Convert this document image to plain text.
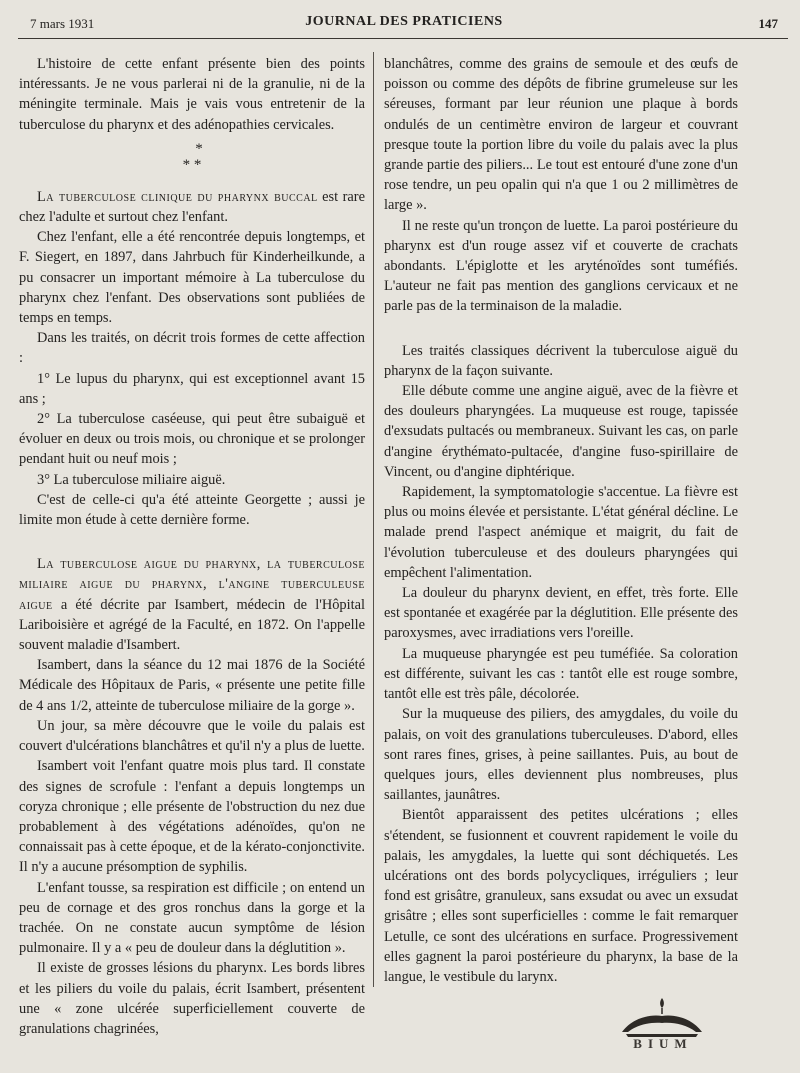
7 mars 1931	JOURNAL DES PRATICIENS	147

L'histoire de cette enfant présente bien des points intéressants. Je ne vous parlerai ni de la granulie, ni de la méningite terminale. Mais je vais vous entretenir de la tuberculose du pharynx et des adénopathies cervicales.

*
* *

La tuberculose clinique du pharynx buccal est rare chez l'adulte et surtout chez l'enfant.

Chez l'enfant, elle a été rencontrée depuis longtemps, et F. Siegert, en 1897, dans Jahrbuch für Kinderheilkunde, a pu consacrer un important mémoire à La tuberculose du pharynx chez l'enfant. Des observations sont publiées de temps en temps.

Dans les traités, on décrit trois formes de cette affection :

1° Le lupus du pharynx, qui est exceptionnel avant 15 ans ;

2° La tuberculose caséeuse, qui peut être subaiguë et évoluer en deux ou trois mois, ou chronique et se prolonger pendant huit ou neuf mois ;

3° La tuberculose miliaire aiguë.

C'est de celle-ci qu'a été atteinte Georgette ; aussi je limite mon étude à cette dernière forme.

La tuberculose aigue du pharynx, la tuberculose miliaire aigue du pharynx, l'angine tuberculeuse aigue a été décrite par Isambert, médecin de l'Hôpital Lariboisière et agrégé de la Faculté, en 1872. On l'appelle souvent maladie d'Isambert.

Isambert, dans la séance du 12 mai 1876 de la Société Médicale des Hôpitaux de Paris, « présente une petite fille de 4 ans 1/2, atteinte de tuberculose miliaire de la gorge ».

Un jour, sa mère découvre que le voile du palais est couvert d'ulcérations blanchâtres et qu'il n'y a plus de luette.

Isambert voit l'enfant quatre mois plus tard. Il constate des signes de scrofule : l'enfant a depuis longtemps un coryza chronique ; elle présente de l'obstruction du nez due probablement à des végétations adénoïdes, qu'on ne connaissait pas à cette époque, et de la kérato-conjonctivite. Il n'y a aucune présomption de syphilis.

L'enfant tousse, sa respiration est difficile ; on entend un peu de cornage et des gros ronchus dans la gorge et la trachée. On ne constate aucun symptôme de lésion pulmonaire. Il y a « peu de douleur dans la déglutition ».

Il existe de grosses lésions du pharynx. Les bords libres et les piliers du voile du palais, écrit Isambert, présentent une « zone ulcérée superficiellement couverte de granulations chagrinées,

blanchâtres, comme des grains de semoule et des œufs de poisson ou comme des dépôts de fibrine grumeleuse sur les séreuses, formant par leur réunion une plaque à bords ondulés de un centimètre environ de largeur et couvrant presque toute la portion libre du voile du palais avec la plus grande partie des piliers... Le tout est entouré d'une zone d'un rose tendre, un peu opalin qui n'a que 1 ou 2 millimètres de large ».

Il ne reste qu'un tronçon de luette. La paroi postérieure du pharynx est d'un rouge assez vif et couverte de crachats abondants. L'épiglotte et les aryténoïdes sont tuméfiés. L'auteur ne fait pas mention des ganglions cervicaux et ne parle pas de la terminaison de la maladie.

Les traités classiques décrivent la tuberculose aiguë du pharynx de la façon suivante.

Elle débute comme une angine aiguë, avec de la fièvre et des douleurs pharyngées. La muqueuse est rouge, tapissée d'exsudats pultacés ou membraneux. Suivant les cas, on parle d'angine érythémato-pultacée, d'angine fuso-spirillaire de Vincent, ou d'angine diphtérique.

Rapidement, la symptomatologie s'accentue. La fièvre est plus ou moins élevée et persistante. L'état général décline. Le malade prend l'aspect anémique et maigrit, du fait de l'évolution tuberculeuse et des douleurs pharyngées qui empêchent l'alimentation.

La douleur du pharynx devient, en effet, très forte. Elle est spontanée et exagérée par la déglutition. Elle présente des paroxysmes, avec irradiations vers l'oreille.

La muqueuse pharyngée est peu tuméfiée. Sa coloration est différente, suivant les cas : tantôt elle est rouge sombre, tantôt elle est très pâle, décolorée.

Sur la muqueuse des piliers, des amygdales, du voile du palais, on voit des granulations tuberculeuses. D'abord, elles sont rares fines, grises, à peine saillantes. Puis, au bout de quelques jours, elles deviennent plus nombreuses, plus saillantes, jaunâtres.

Bientôt apparaissent des petites ulcérations ; elles s'étendent, se fusionnent et couvrent rapidement le voile du palais, les amygdales, la luette qui sont déchiquetés. Les ulcérations ont des bords polycycliques, irréguliers ; leur fond est grisâtre, granuleux, sans exsudat ou avec un exsudat grisâtre ; elles sont superficielles : comme le fait remarquer Letulle, ce sont des ulcérations en surface. Progressivement elles gagnent la paroi postérieure du pharynx, la base de la langue, le vestibule du larynx.

BIUM
